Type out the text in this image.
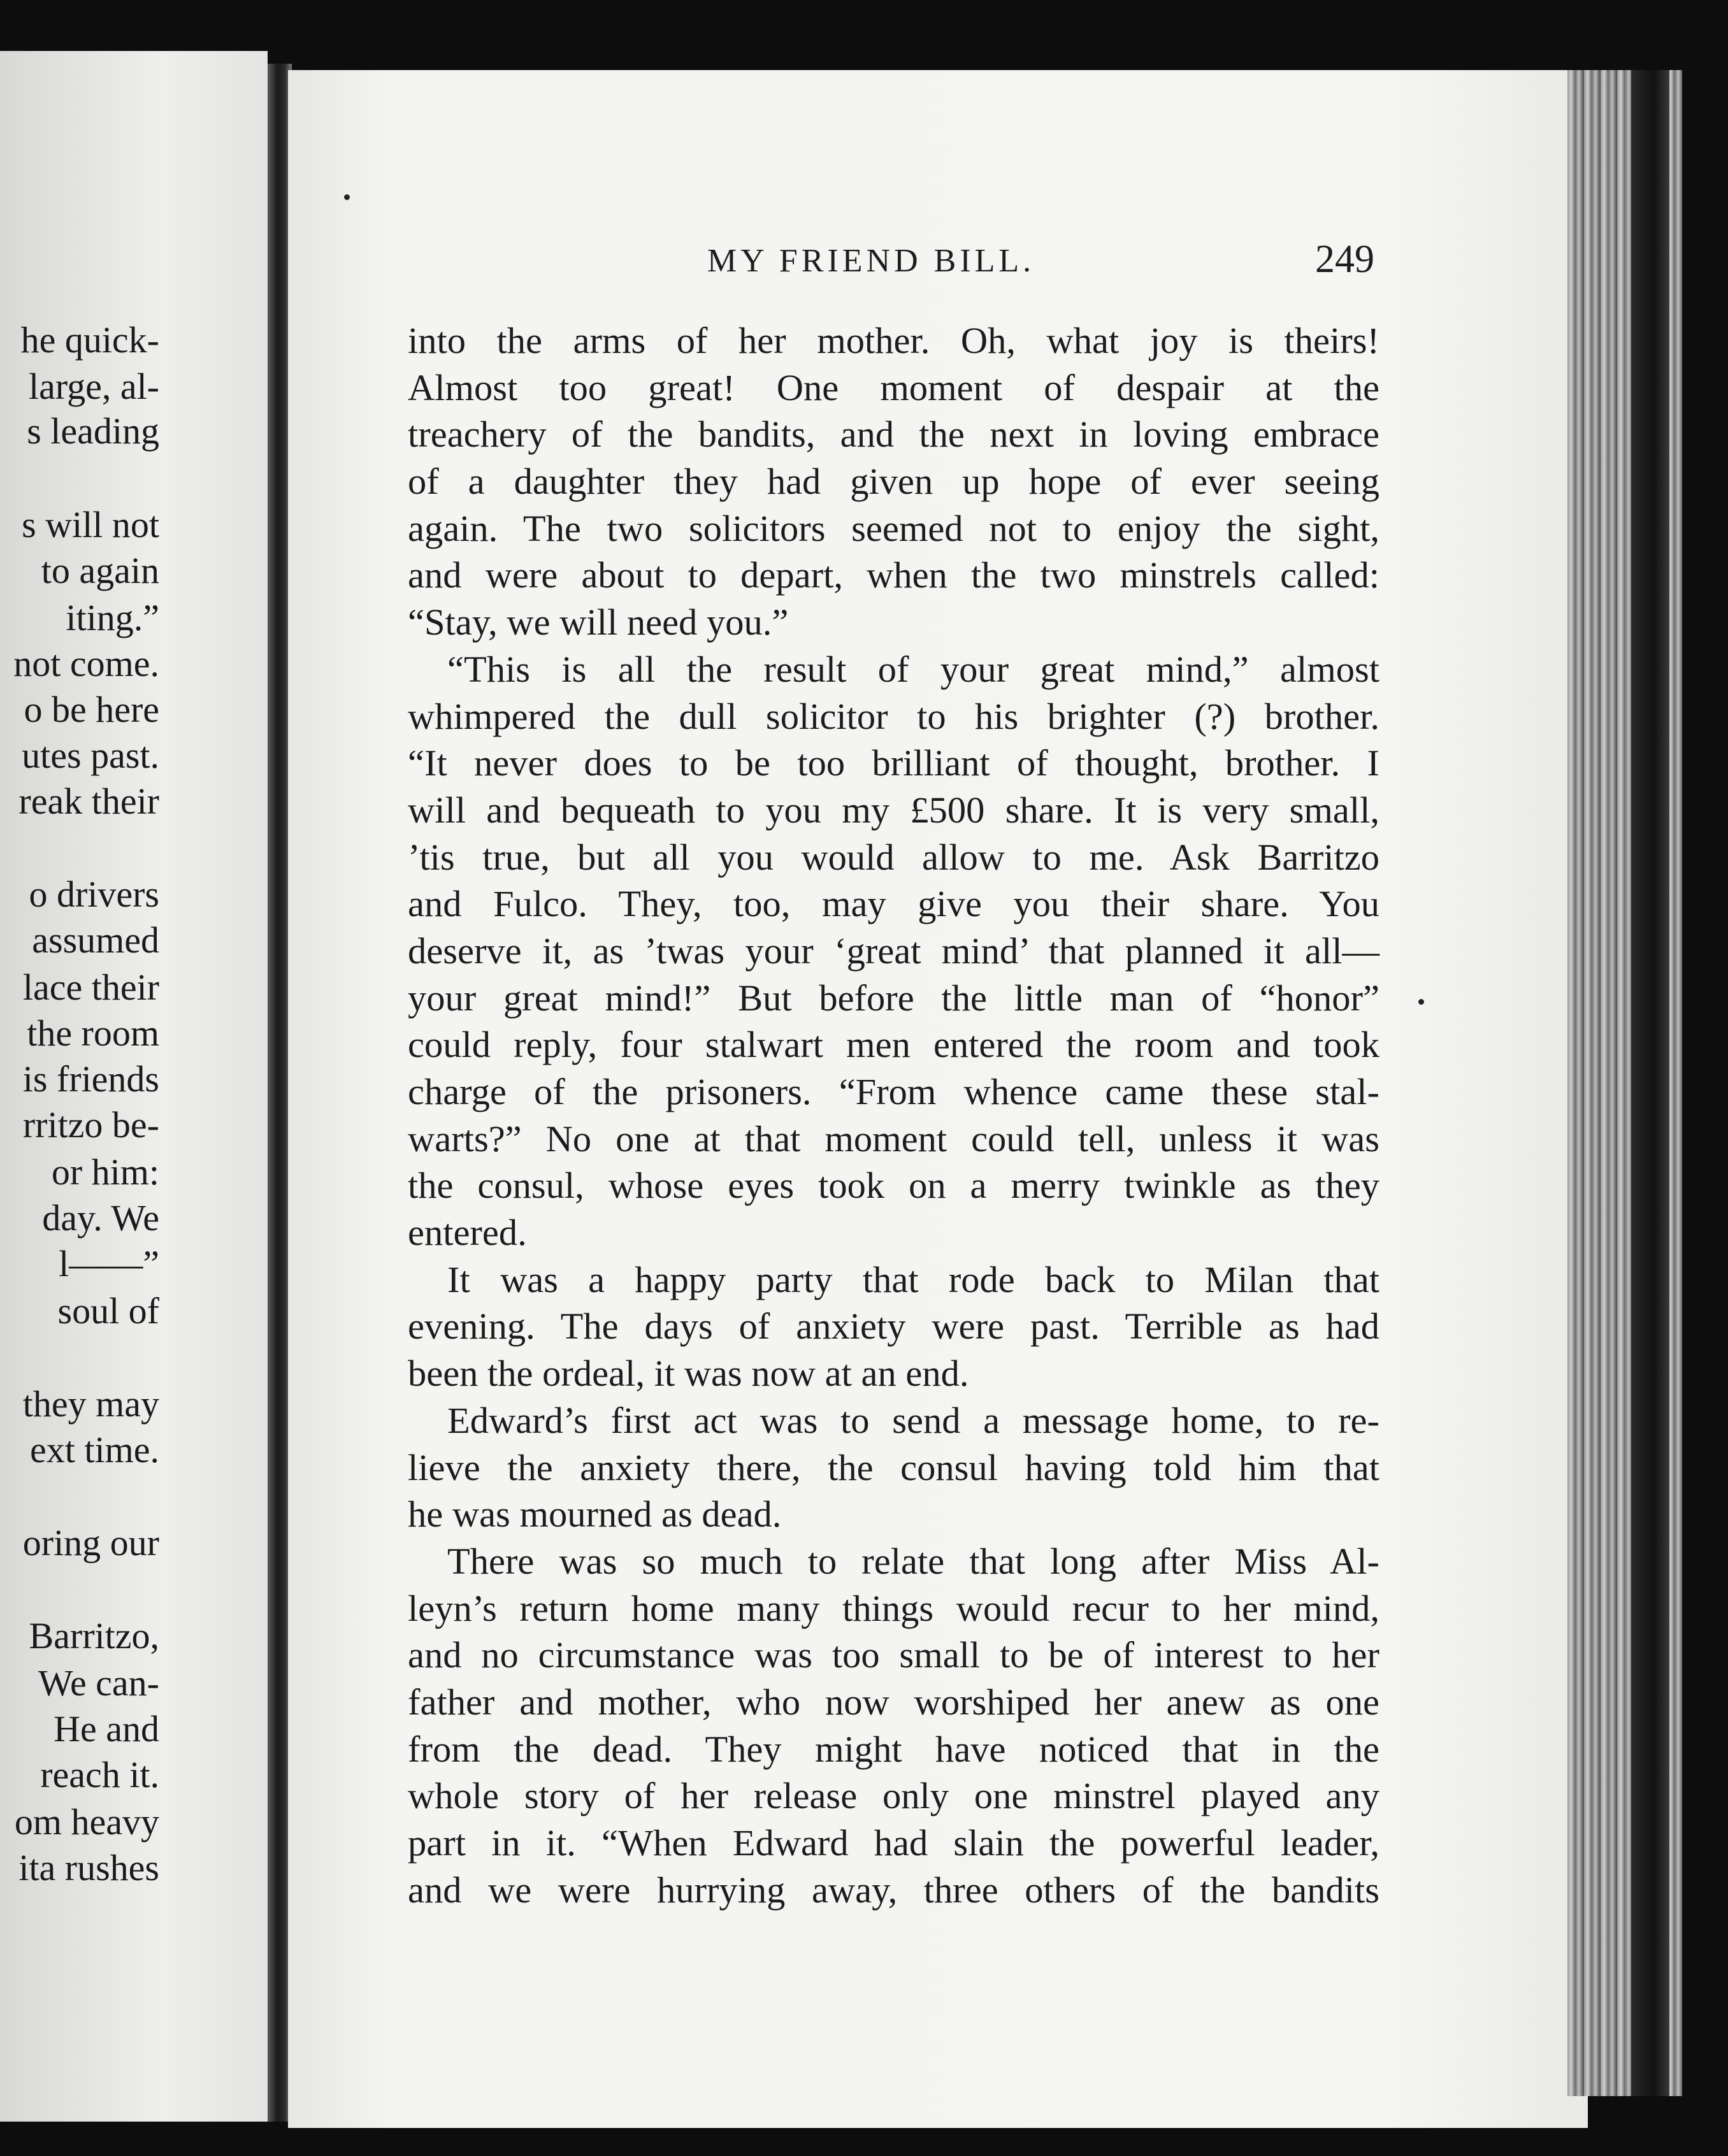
he quick-
large, al-
s leading
s will not
to again
iting.”
not come.
o be here
utes past.
reak their
o drivers
assumed
lace their
the room
is friends
rritzo be-
or him:
day. We
l——”
soul of
they may
ext time.
oring our
Barritzo,
We can-
He and
reach it.
om heavy
ita rushes
MY FRIEND BILL.	249
into the arms of her mother. Oh, what joy is theirs!
Almost too great! One moment of despair at the
treachery of the bandits, and the next in loving embrace
of a daughter they had given up hope of ever seeing
again. The two solicitors seemed not to enjoy the sight,
and were about to depart, when the two minstrels called:
“Stay, we will need you.”
“This is all the result of your great mind,” almost
whimpered the dull solicitor to his brighter (?) brother.
“It never does to be too brilliant of thought, brother. I
will and bequeath to you my £500 share. It is very small,
’tis true, but all you would allow to me. Ask Barritzo
and Fulco. They, too, may give you their share. You
deserve it, as ’twas your ‘great mind’ that planned it all—
your great mind!” But before the little man of “honor”
could reply, four stalwart men entered the room and took
charge of the prisoners. “From whence came these stal-
warts?” No one at that moment could tell, unless it was
the consul, whose eyes took on a merry twinkle as they
entered.
It was a happy party that rode back to Milan that
evening. The days of anxiety were past. Terrible as had
been the ordeal, it was now at an end.
Edward’s first act was to send a message home, to re-
lieve the anxiety there, the consul having told him that
he was mourned as dead.
There was so much to relate that long after Miss Al-
leyn’s return home many things would recur to her mind,
and no circumstance was too small to be of interest to her
father and mother, who now worshiped her anew as one
from the dead. They might have noticed that in the
whole story of her release only one minstrel played any
part in it. “When Edward had slain the powerful leader,
and we were hurrying away, three others of the bandits
